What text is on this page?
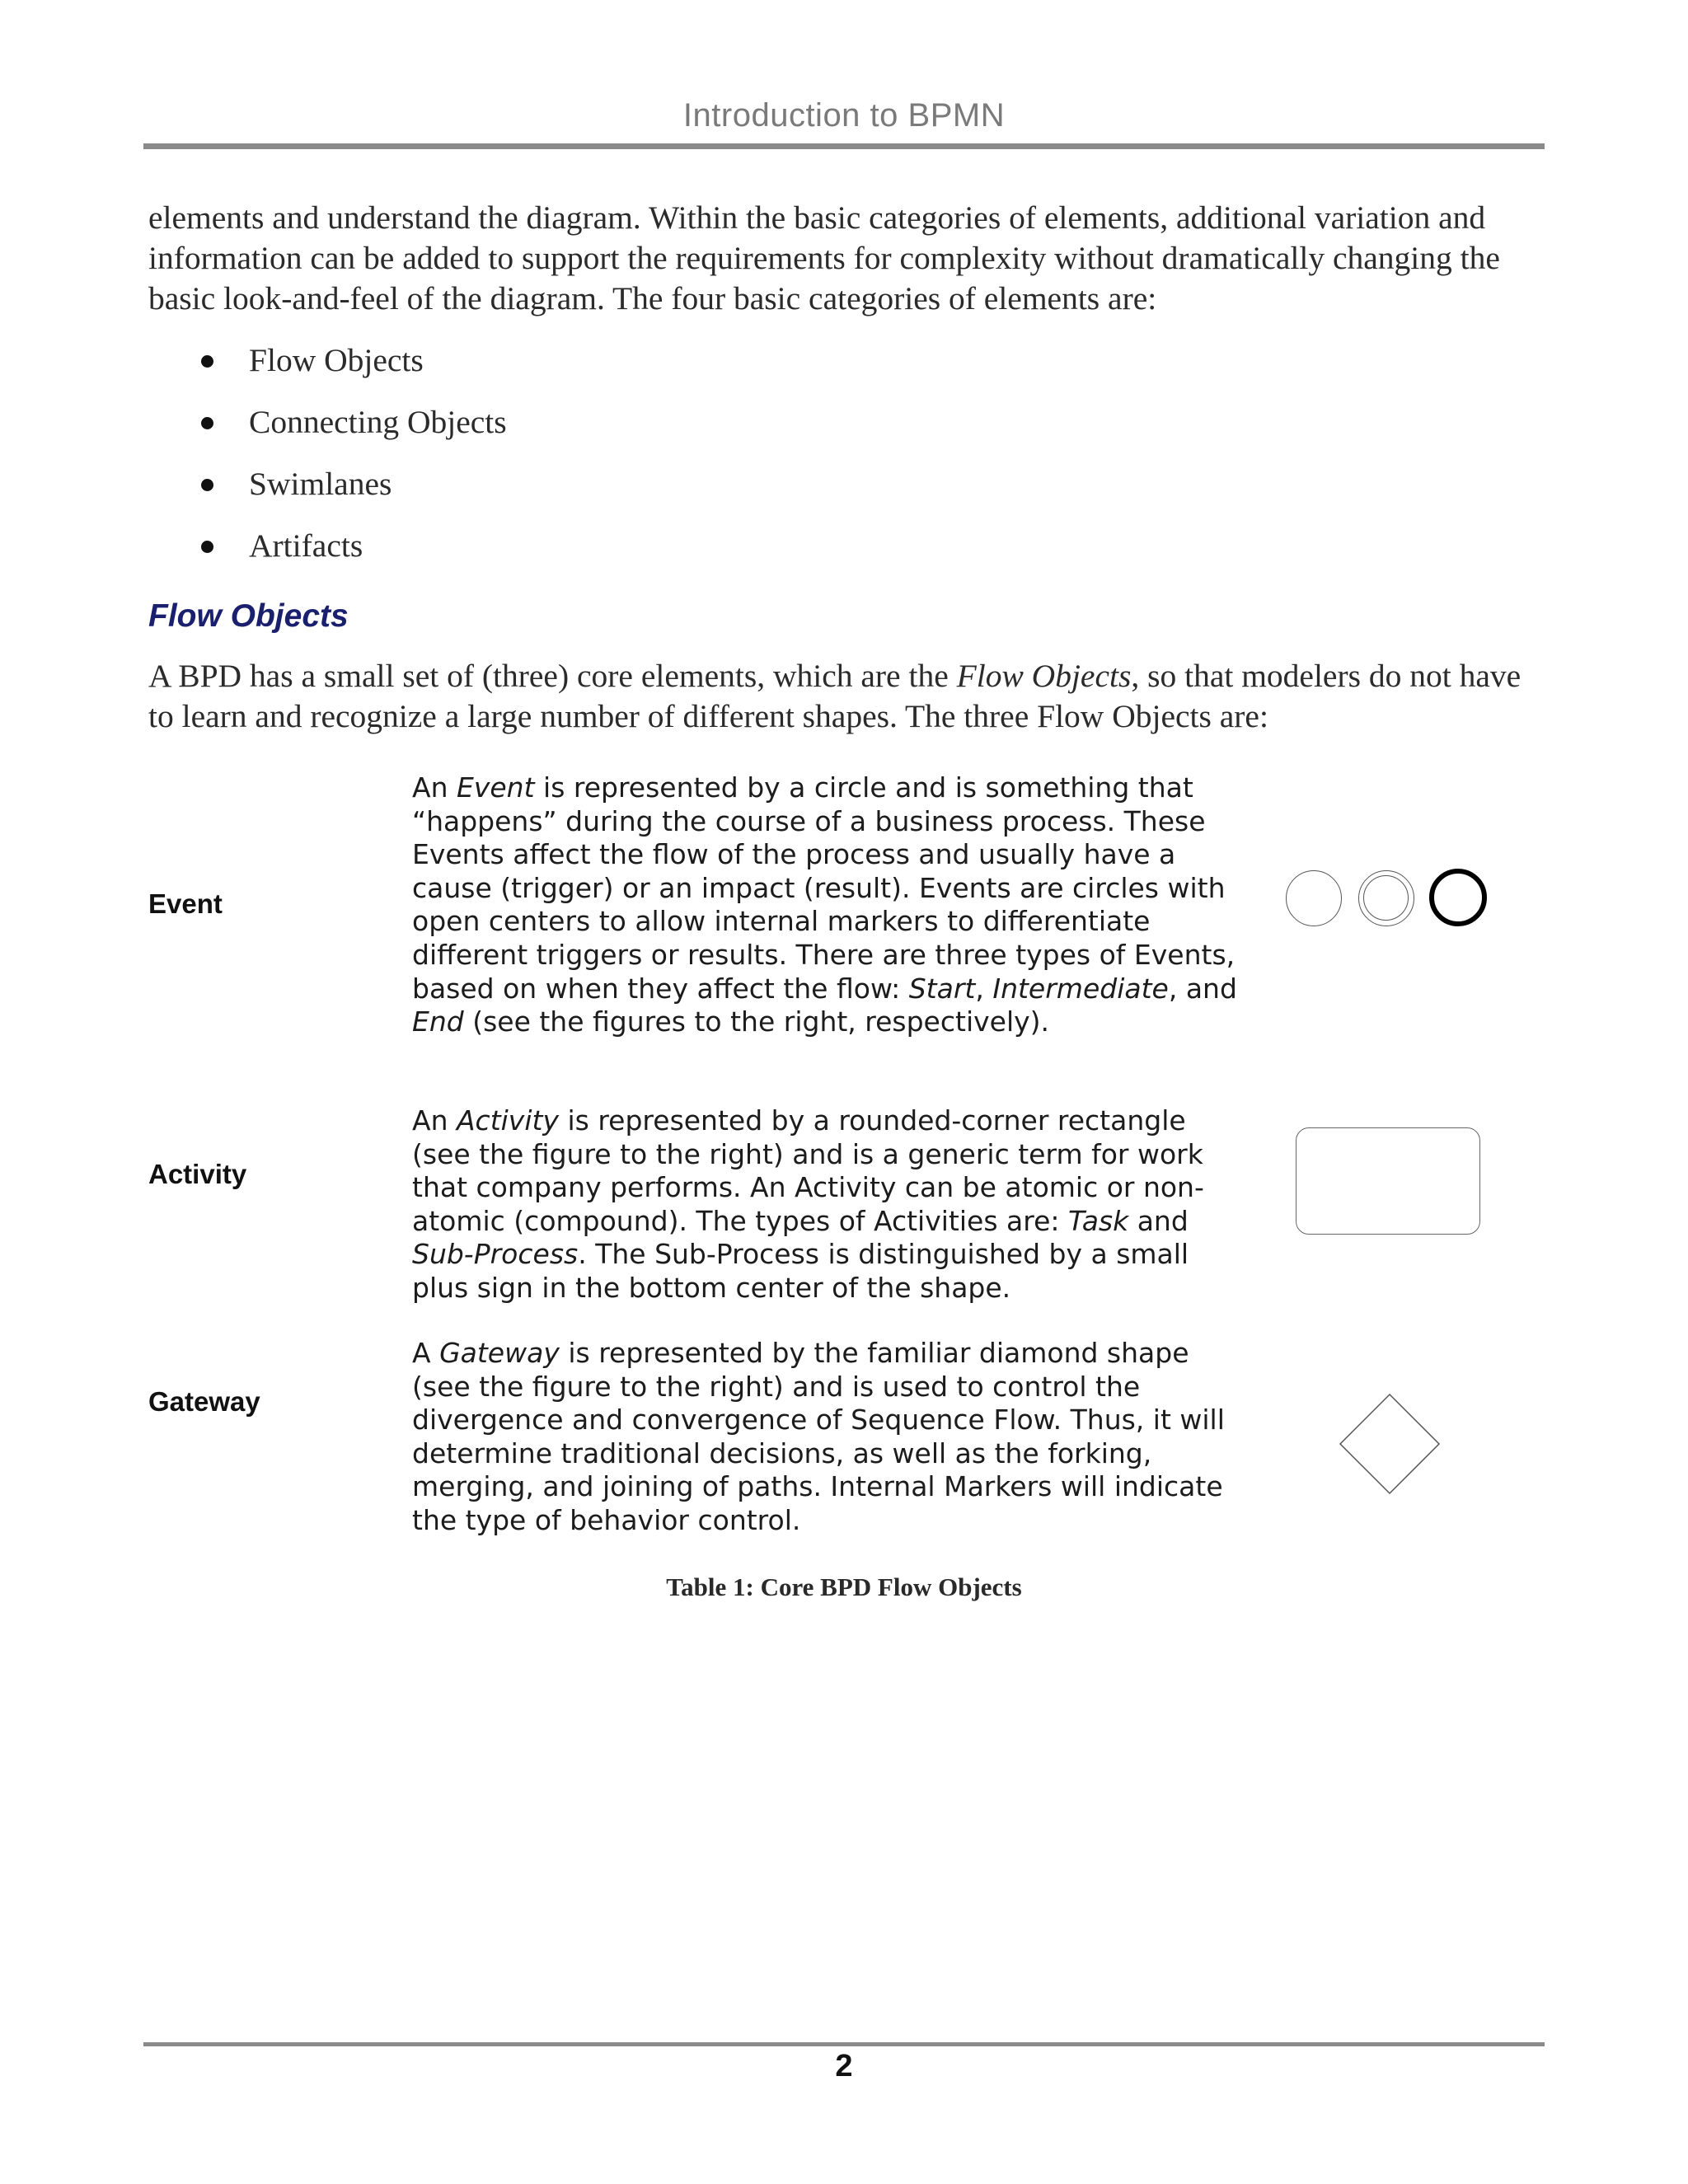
Introduction to BPMN

elements and understand the diagram. Within the basic categories of elements, additional variation and information can be added to support the requirements for complexity without dramatically changing the basic look-and-feel of the diagram. The four basic categories of elements are:

Flow Objects
Connecting Objects
Swimlanes
Artifacts
Flow Objects

A BPD has a small set of (three) core elements, which are the Flow Objects, so that modelers do not have to learn and recognize a large number of different shapes. The three Flow Objects are:

Event
An Event is represented by a circle and is something that “happens” during the course of a business process. These Events affect the flow of the process and usually have a cause (trigger) or an impact (result). Events are circles with open centers to allow internal markers to differentiate different triggers or results. There are three types of Events, based on when they affect the flow: Start, Intermediate, and End (see the figures to the right, respectively).
Activity
An Activity is represented by a rounded-corner rectangle (see the figure to the right) and is a generic term for work that company performs. An Activity can be atomic or non-atomic (compound). The types of Activities are: Task and Sub-Process. The Sub-Process is distinguished by a small plus sign in the bottom center of the shape.
Gateway
A Gateway is represented by the familiar diamond shape (see the figure to the right) and is used to control the divergence and convergence of Sequence Flow. Thus, it will determine traditional decisions, as well as the forking, merging, and joining of paths. Internal Markers will indicate the type of behavior control.
Table 1: Core BPD Flow Objects
2
